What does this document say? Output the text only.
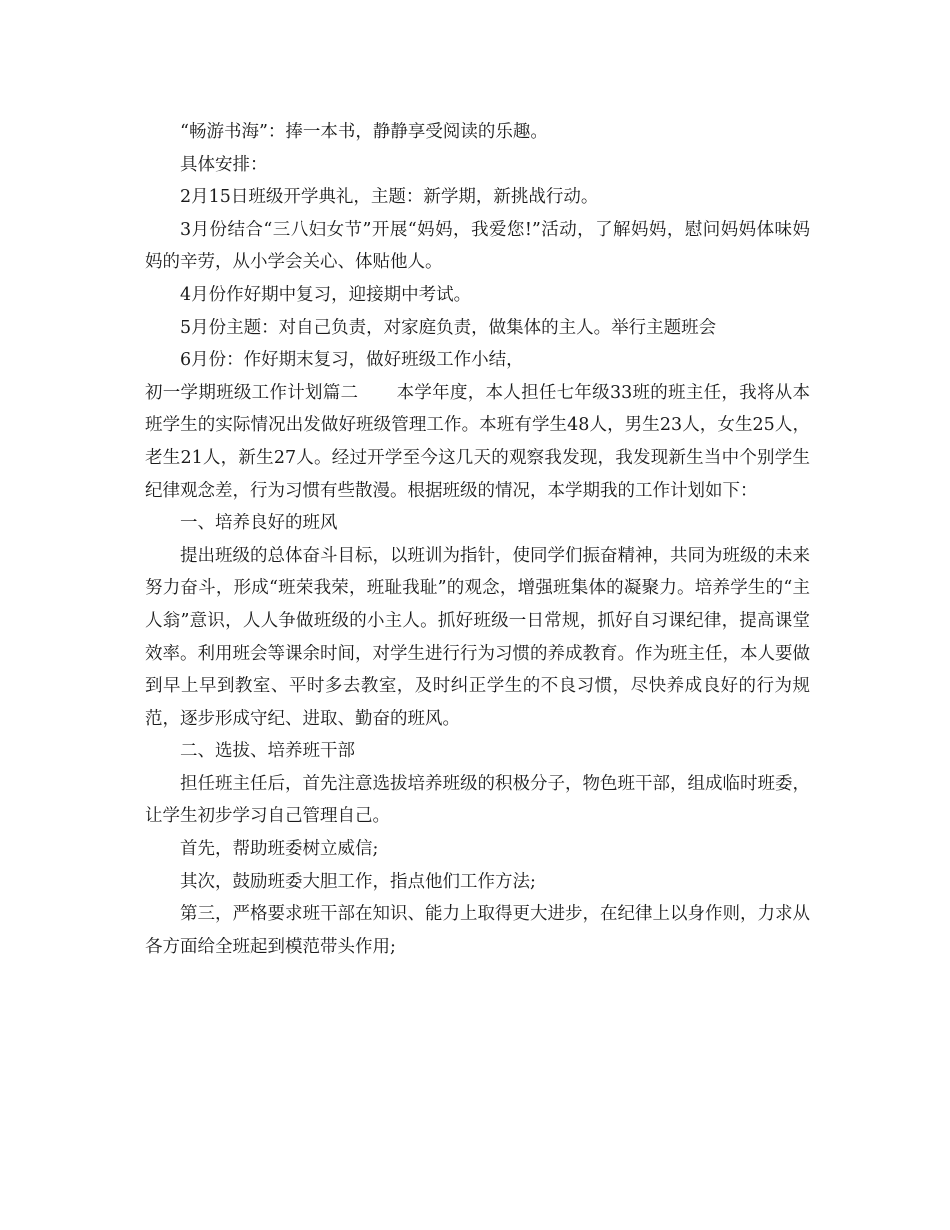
“畅游书海”：捧一本书，静静享受阅读的乐趣。

具体安排：

2月15日班级开学典礼，主题：新学期，新挑战行动。

3月份结合“三八妇女节”开展“妈妈，我爱您!”活动，了解妈妈，慰问妈妈体味妈妈的辛劳，从小学会关心、体贴他人。

4月份作好期中复习，迎接期中考试。

5月份主题：对自己负责，对家庭负责，做集体的主人。举行主题班会

6月份：作好期末复习，做好班级工作小结，

初一学期班级工作计划篇二 本学年度，本人担任七年级33班的班主任，我将从本班学生的实际情况出发做好班级管理工作。本班有学生48人，男生23人，女生25人，老生21人，新生27人。经过开学至今这几天的观察我发现，我发现新生当中个别学生纪律观念差，行为习惯有些散漫。根据班级的情况，本学期我的工作计划如下：

一、培养良好的班风

提出班级的总体奋斗目标，以班训为指针，使同学们振奋精神，共同为班级的未来努力奋斗，形成“班荣我荣，班耻我耻”的观念，增强班集体的凝聚力。培养学生的“主人翁”意识，人人争做班级的小主人。抓好班级一日常规，抓好自习课纪律，提高课堂效率。利用班会等课余时间，对学生进行行为习惯的养成教育。作为班主任，本人要做到早上早到教室、平时多去教室，及时纠正学生的不良习惯，尽快养成良好的行为规范，逐步形成守纪、进取、勤奋的班风。

二、选拔、培养班干部

担任班主任后，首先注意选拔培养班级的积极分子，物色班干部，组成临时班委，让学生初步学习自己管理自己。

首先，帮助班委树立威信;

其次，鼓励班委大胆工作，指点他们工作方法;

第三，严格要求班干部在知识、能力上取得更大进步，在纪律上以身作则，力求从各方面给全班起到模范带头作用;
